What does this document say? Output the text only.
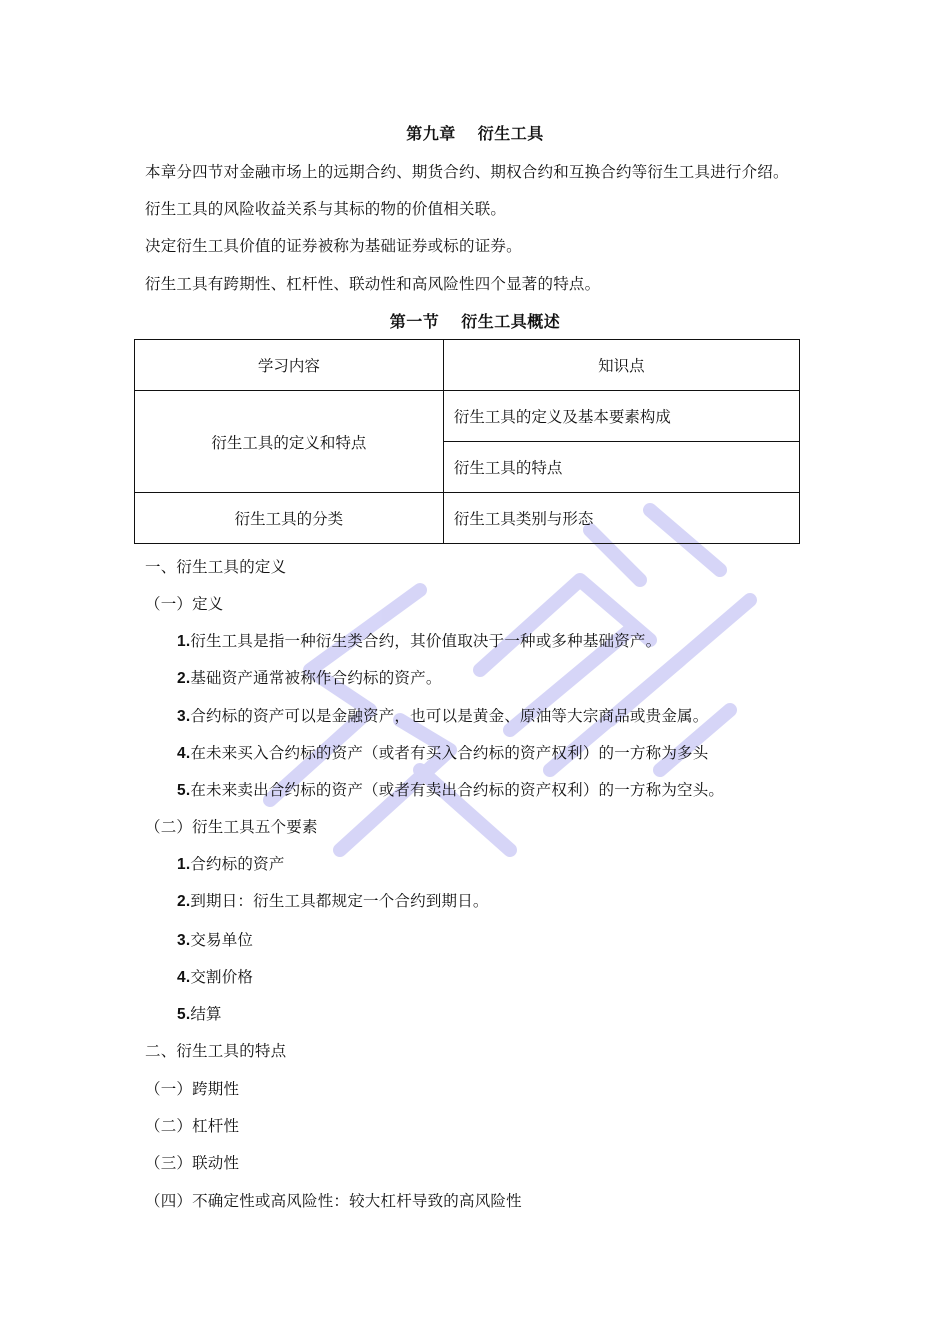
第九章 衍生工具
本章分四节对金融市场上的远期合约、期货合约、期权合约和互换合约等衍生工具进行介绍。
衍生工具的风险收益关系与其标的物的价值相关联。
决定衍生工具价值的证券被称为基础证券或标的证券。
衍生工具有跨期性、杠杆性、联动性和高风险性四个显著的特点。
第一节 衍生工具概述
学习内容	知识点
衍生工具的定义和特点	衍生工具的定义及基本要素构成
	衍生工具的特点
衍生工具的分类	衍生工具类别与形态
一、衍生工具的定义
（一）定义
1.衍生工具是指一种衍生类合约，其价值取决于一种或多种基础资产。
2.基础资产通常被称作合约标的资产。
3.合约标的资产可以是金融资产，也可以是黄金、原油等大宗商品或贵金属。
4.在未来买入合约标的资产（或者有买入合约标的资产权利）的一方称为多头
5.在未来卖出合约标的资产（或者有卖出合约标的资产权利）的一方称为空头。
（二）衍生工具五个要素
1.合约标的资产
2.到期日：衍生工具都规定一个合约到期日。
3.交易单位
4.交割价格
5.结算
二、衍生工具的特点
（一）跨期性
（二）杠杆性
（三）联动性
（四）不确定性或高风险性：较大杠杆导致的高风险性
